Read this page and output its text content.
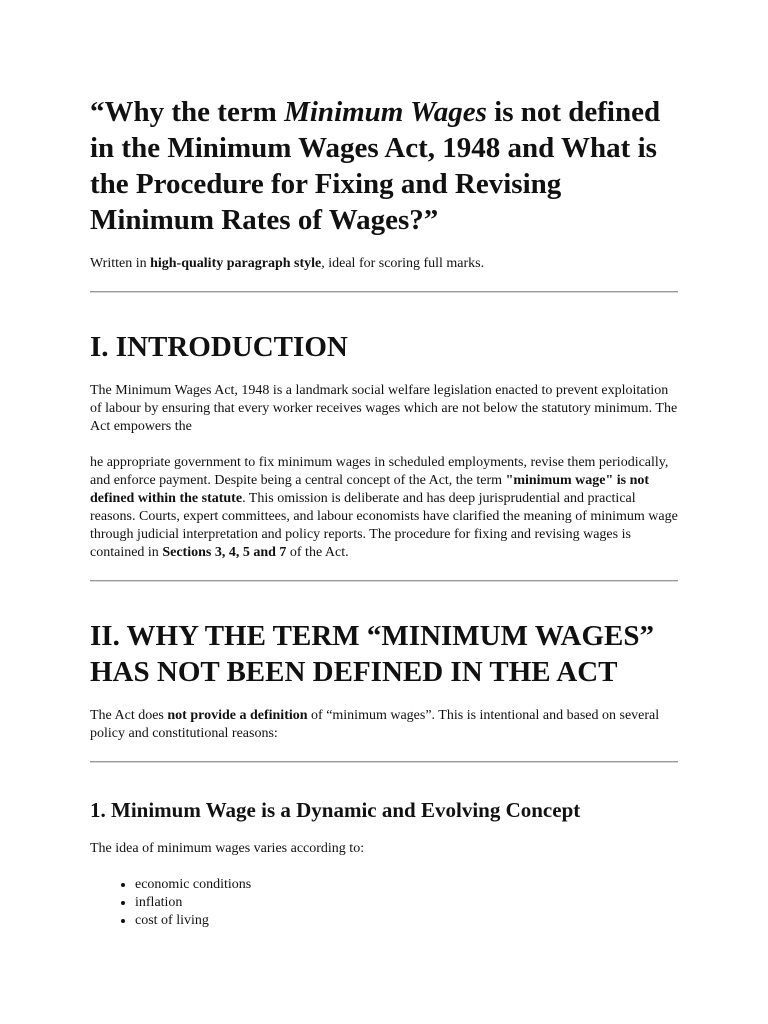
“Why the term Minimum Wages is not defined in the Minimum Wages Act, 1948 and What is the Procedure for Fixing and Revising Minimum Rates of Wages?”

Written in high-quality paragraph style, ideal for scoring full marks.

I. INTRODUCTION

The Minimum Wages Act, 1948 is a landmark social welfare legislation enacted to prevent exploitation of labour by ensuring that every worker receives wages which are not below the statutory minimum. The Act empowers the

he appropriate government to fix minimum wages in scheduled employments, revise them periodically, and enforce payment. Despite being a central concept of the Act, the term "minimum wage" is not defined within the statute. This omission is deliberate and has deep jurisprudential and practical reasons. Courts, expert committees, and labour economists have clarified the meaning of minimum wage through judicial interpretation and policy reports. The procedure for fixing and revising wages is contained in Sections 3, 4, 5 and 7 of the Act.

II. WHY THE TERM “MINIMUM WAGES” HAS NOT BEEN DEFINED IN THE ACT

The Act does not provide a definition of “minimum wages”. This is intentional and based on several policy and constitutional reasons:

1. Minimum Wage is a Dynamic and Evolving Concept

The idea of minimum wages varies according to:

• economic conditions
• inflation
• cost of living
